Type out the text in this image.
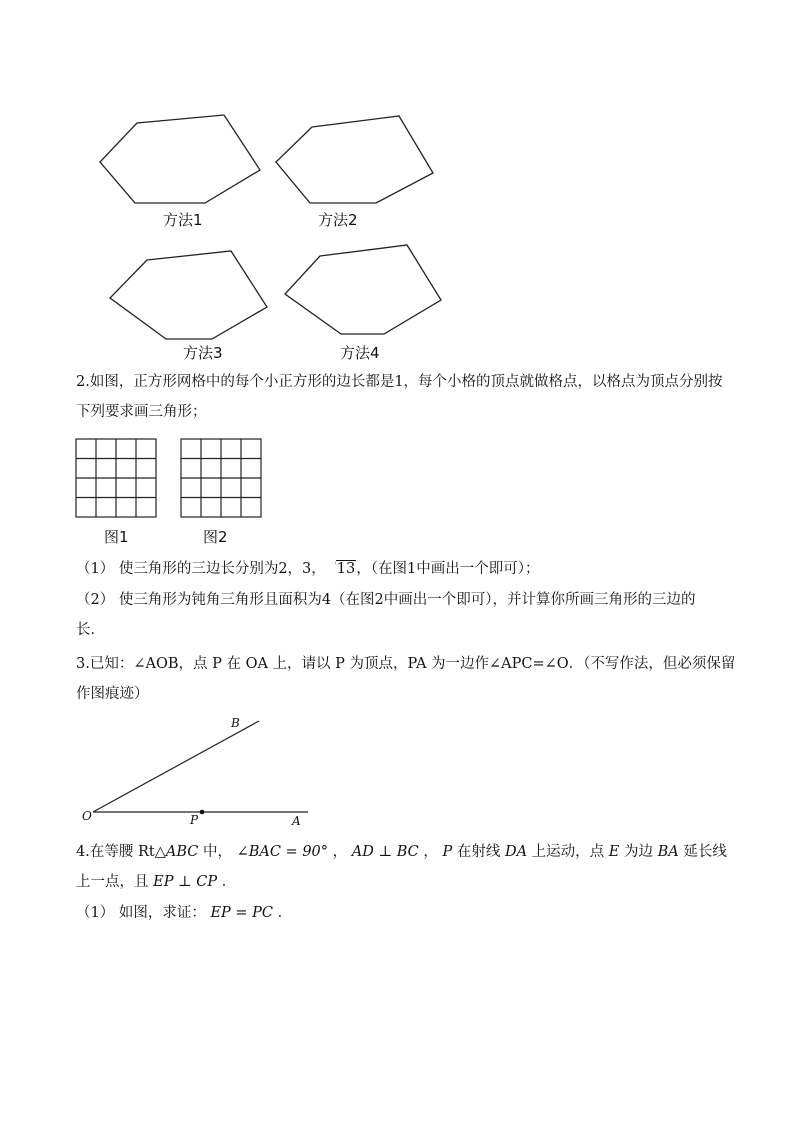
方法1	方法2
方法3	方法4
2.如图，正方形网格中的每个小正方形的边长都是1，每个小格的顶点就做格点，以格点为顶点分别按
下列要求画三角形；
图1	图2
（1） 使三角形的三边长分别为2，3， 13，（在图1中画出一个即可）；
（2） 使三角形为钝角三角形且面积为4（在图2中画出一个即可），并计算你所画三角形的三边的
长．
3.已知：∠AOB，点 P 在 OA 上，请以 P 为顶点，PA 为一边作∠APC=∠O．（不写作法，但必须保留
作图痕迹）
B
O	P	A
4.在等腰 Rt△ABC 中， ∠BAC = 90° ， AD ⊥ BC ， P 在射线 DA 上运动，点 E 为边 BA 延长线
上一点，且 EP ⊥ CP ．
（1） 如图，求证： EP = PC ．
